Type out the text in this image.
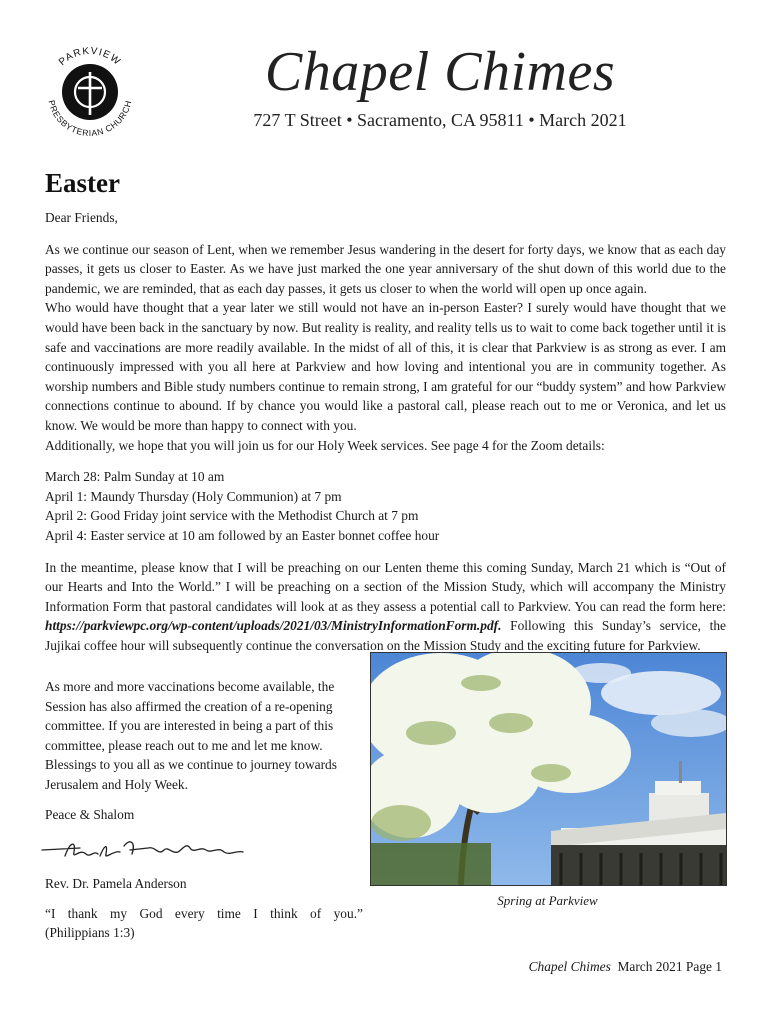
PARKVIEW
PRESBYTERIAN CHURCH
Chapel Chimes
727 T Street • Sacramento, CA 95811 • March 2021
Easter

Dear Friends,

As we continue our season of Lent, when we remember Jesus wandering in the desert for forty days, we know that as each day passes, it gets us closer to Easter. As we have just marked the one year anniversary of the shut down of this world due to the pandemic, we are reminded, that as each day passes, it gets us closer to when the world will open up once again.

Who would have thought that a year later we still would not have an in-person Easter? I surely would have thought that we would have been back in the sanctuary by now. But reality is reality, and reality tells us to wait to come back together until it is safe and vaccinations are more readily available. In the midst of all of this, it is clear that Parkview is as strong as ever. I am continuously impressed with you all here at Parkview and how loving and intentional you are in community together. As worship numbers and Bible study numbers continue to remain strong, I am grateful for our “buddy system” and how Parkview connections continue to abound. If by chance you would like a pastoral call, please reach out to me or Veronica, and let us know. We would be more than happy to connect with you.

Additionally, we hope that you will join us for our Holy Week services. See page 4 for the Zoom details:

March 28: Palm Sunday at 10 am

April 1: Maundy Thursday (Holy Communion) at 7 pm

April 2: Good Friday joint service with the Methodist Church at 7 pm

April 4: Easter service at 10 am followed by an Easter bonnet coffee hour

In the meantime, please know that I will be preaching on our Lenten theme this coming Sunday, March 21 which is “Out of our Hearts and Into the World.” I will be preaching on a section of the Mission Study, which will accompany the Ministry Information Form that pastoral candidates will look at as they assess a potential call to Parkview. You can read the form here: https://parkviewpc.org/wp-content/uploads/2021/03/MinistryInformationForm.pdf. Following this Sunday’s service, the Jujikai coffee hour will subsequently continue the conversation on the Mission Study and the exciting future for Parkview.

As more and more vaccinations become available, the Session has also affirmed the creation of a re-opening committee. If you are interested in being a part of this committee, please reach out to me and let me know. Blessings to you all as we continue to journey towards Jerusalem and Holy Week.

Peace & Shalom

Rev. Dr. Pamela Anderson

“I thank my God every time I think of you.”

(Philippians 1:3)

Spring at Parkview
Chapel Chimes March 2021 Page 1
